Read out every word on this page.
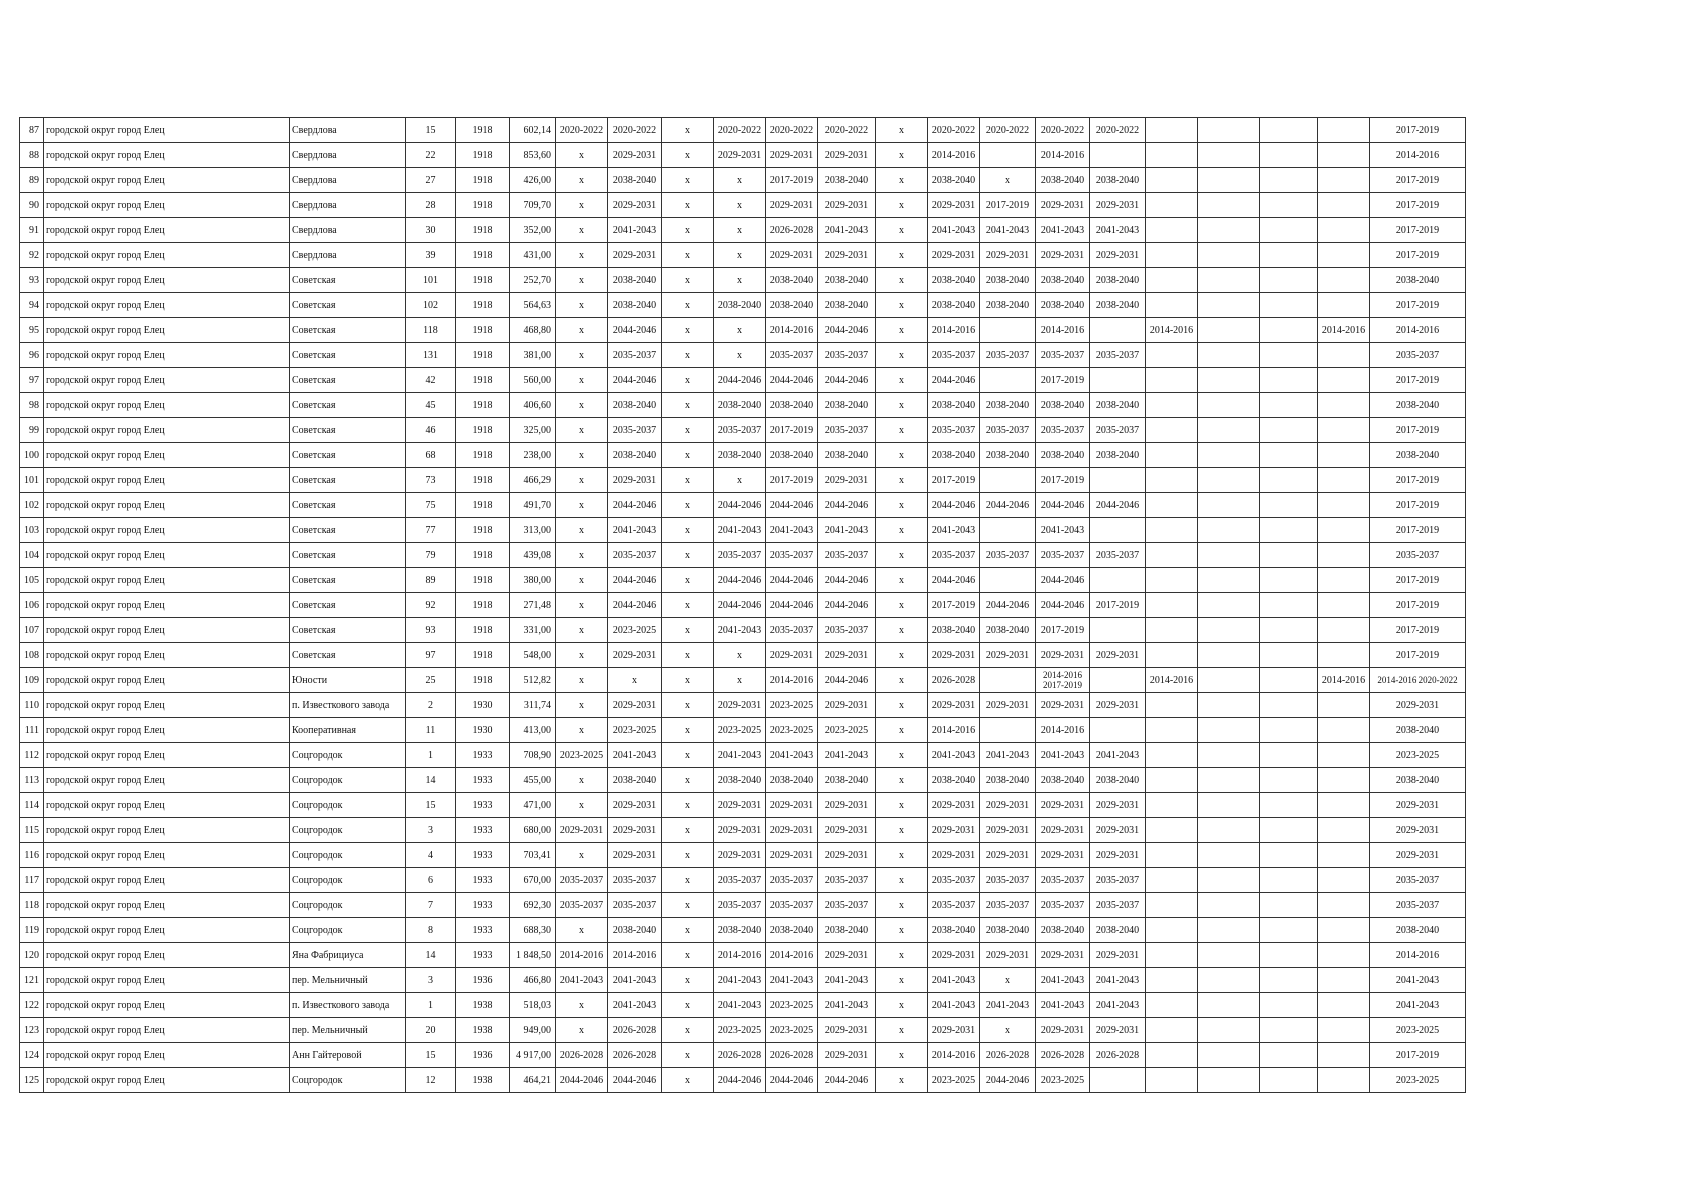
87	городской округ город Елец	Свердлова	15	1918	602,14	2020-2022	2020-2022	x	2020-2022	2020-2022	2020-2022	x	2020-2022	2020-2022	2020-2022	2020-2022					2017-2019
88	городской округ город Елец	Свердлова	22	1918	853,60	x	2029-2031	x	2029-2031	2029-2031	2029-2031	x	2014-2016		2014-2016						2014-2016
89	городской округ город Елец	Свердлова	27	1918	426,00	x	2038-2040	x	x	2017-2019	2038-2040	x	2038-2040	x	2038-2040	2038-2040					2017-2019
90	городской округ город Елец	Свердлова	28	1918	709,70	x	2029-2031	x	x	2029-2031	2029-2031	x	2029-2031	2017-2019	2029-2031	2029-2031					2017-2019
91	городской округ город Елец	Свердлова	30	1918	352,00	x	2041-2043	x	x	2026-2028	2041-2043	x	2041-2043	2041-2043	2041-2043	2041-2043					2017-2019
92	городской округ город Елец	Свердлова	39	1918	431,00	x	2029-2031	x	x	2029-2031	2029-2031	x	2029-2031	2029-2031	2029-2031	2029-2031					2017-2019
93	городской округ город Елец	Советская	101	1918	252,70	x	2038-2040	x	x	2038-2040	2038-2040	x	2038-2040	2038-2040	2038-2040	2038-2040					2038-2040
94	городской округ город Елец	Советская	102	1918	564,63	x	2038-2040	x	2038-2040	2038-2040	2038-2040	x	2038-2040	2038-2040	2038-2040	2038-2040					2017-2019
95	городской округ город Елец	Советская	118	1918	468,80	x	2044-2046	x	x	2014-2016	2044-2046	x	2014-2016		2014-2016		2014-2016			2014-2016	2014-2016
96	городской округ город Елец	Советская	131	1918	381,00	x	2035-2037	x	x	2035-2037	2035-2037	x	2035-2037	2035-2037	2035-2037	2035-2037					2035-2037
97	городской округ город Елец	Советская	42	1918	560,00	x	2044-2046	x	2044-2046	2044-2046	2044-2046	x	2044-2046		2017-2019						2017-2019
98	городской округ город Елец	Советская	45	1918	406,60	x	2038-2040	x	2038-2040	2038-2040	2038-2040	x	2038-2040	2038-2040	2038-2040	2038-2040					2038-2040
99	городской округ город Елец	Советская	46	1918	325,00	x	2035-2037	x	2035-2037	2017-2019	2035-2037	x	2035-2037	2035-2037	2035-2037	2035-2037					2017-2019
100	городской округ город Елец	Советская	68	1918	238,00	x	2038-2040	x	2038-2040	2038-2040	2038-2040	x	2038-2040	2038-2040	2038-2040	2038-2040					2038-2040
101	городской округ город Елец	Советская	73	1918	466,29	x	2029-2031	x	x	2017-2019	2029-2031	x	2017-2019		2017-2019						2017-2019
102	городской округ город Елец	Советская	75	1918	491,70	x	2044-2046	x	2044-2046	2044-2046	2044-2046	x	2044-2046	2044-2046	2044-2046	2044-2046					2017-2019
103	городской округ город Елец	Советская	77	1918	313,00	x	2041-2043	x	2041-2043	2041-2043	2041-2043	x	2041-2043		2041-2043						2017-2019
104	городской округ город Елец	Советская	79	1918	439,08	x	2035-2037	x	2035-2037	2035-2037	2035-2037	x	2035-2037	2035-2037	2035-2037	2035-2037					2035-2037
105	городской округ город Елец	Советская	89	1918	380,00	x	2044-2046	x	2044-2046	2044-2046	2044-2046	x	2044-2046		2044-2046						2017-2019
106	городской округ город Елец	Советская	92	1918	271,48	x	2044-2046	x	2044-2046	2044-2046	2044-2046	x	2017-2019	2044-2046	2044-2046	2017-2019					2017-2019
107	городской округ город Елец	Советская	93	1918	331,00	x	2023-2025	x	2041-2043	2035-2037	2035-2037	x	2038-2040	2038-2040	2017-2019						2017-2019
108	городской округ город Елец	Советская	97	1918	548,00	x	2029-2031	x	x	2029-2031	2029-2031	x	2029-2031	2029-2031	2029-2031	2029-2031					2017-2019
109	городской округ город Елец	Юности	25	1918	512,82	x	x	x	x	2014-2016	2044-2046	x	2026-2028		2014-2016 2017-2019		2014-2016			2014-2016	2014-2016 2020-2022
110	городской округ город Елец	п. Известкового завода	2	1930	311,74	x	2029-2031	x	2029-2031	2023-2025	2029-2031	x	2029-2031	2029-2031	2029-2031	2029-2031					2029-2031
111	городской округ город Елец	Кооперативная	11	1930	413,00	x	2023-2025	x	2023-2025	2023-2025	2023-2025	x	2014-2016		2014-2016						2038-2040
112	городской округ город Елец	Соцгородок	1	1933	708,90	2023-2025	2041-2043	x	2041-2043	2041-2043	2041-2043	x	2041-2043	2041-2043	2041-2043	2041-2043					2023-2025
113	городской округ город Елец	Соцгородок	14	1933	455,00	x	2038-2040	x	2038-2040	2038-2040	2038-2040	x	2038-2040	2038-2040	2038-2040	2038-2040					2038-2040
114	городской округ город Елец	Соцгородок	15	1933	471,00	x	2029-2031	x	2029-2031	2029-2031	2029-2031	x	2029-2031	2029-2031	2029-2031	2029-2031					2029-2031
115	городской округ город Елец	Соцгородок	3	1933	680,00	2029-2031	2029-2031	x	2029-2031	2029-2031	2029-2031	x	2029-2031	2029-2031	2029-2031	2029-2031					2029-2031
116	городской округ город Елец	Соцгородок	4	1933	703,41	x	2029-2031	x	2029-2031	2029-2031	2029-2031	x	2029-2031	2029-2031	2029-2031	2029-2031					2029-2031
117	городской округ город Елец	Соцгородок	6	1933	670,00	2035-2037	2035-2037	x	2035-2037	2035-2037	2035-2037	x	2035-2037	2035-2037	2035-2037	2035-2037					2035-2037
118	городской округ город Елец	Соцгородок	7	1933	692,30	2035-2037	2035-2037	x	2035-2037	2035-2037	2035-2037	x	2035-2037	2035-2037	2035-2037	2035-2037					2035-2037
119	городской округ город Елец	Соцгородок	8	1933	688,30	x	2038-2040	x	2038-2040	2038-2040	2038-2040	x	2038-2040	2038-2040	2038-2040	2038-2040					2038-2040
120	городской округ город Елец	Яна Фабрициуса	14	1933	1 848,50	2014-2016	2014-2016	x	2014-2016	2014-2016	2029-2031	x	2029-2031	2029-2031	2029-2031	2029-2031					2014-2016
121	городской округ город Елец	пер. Мельничный	3	1936	466,80	2041-2043	2041-2043	x	2041-2043	2041-2043	2041-2043	x	2041-2043	x	2041-2043	2041-2043					2041-2043
122	городской округ город Елец	п. Известкового завода	1	1938	518,03	x	2041-2043	x	2041-2043	2023-2025	2041-2043	x	2041-2043	2041-2043	2041-2043	2041-2043					2041-2043
123	городской округ город Елец	пер. Мельничный	20	1938	949,00	x	2026-2028	x	2023-2025	2023-2025	2029-2031	x	2029-2031	x	2029-2031	2029-2031					2023-2025
124	городской округ город Елец	Анн Гайтеровой	15	1936	4 917,00	2026-2028	2026-2028	x	2026-2028	2026-2028	2029-2031	x	2014-2016	2026-2028	2026-2028	2026-2028					2017-2019
125	городской округ город Елец	Соцгородок	12	1938	464,21	2044-2046	2044-2046	x	2044-2046	2044-2046	2044-2046	x	2023-2025	2044-2046	2023-2025						2023-2025
